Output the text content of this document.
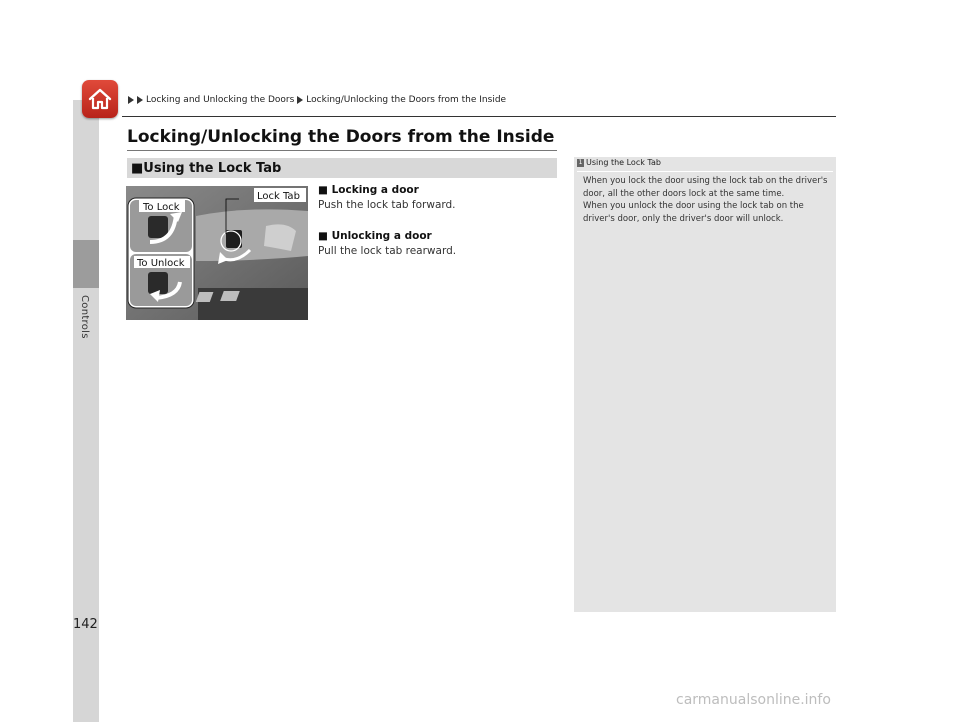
Controls
Locking and Unlocking the Doors Locking/Unlocking the Doors from the Inside
Locking/Unlocking the Doors from the Inside
■Using the Lock Tab
Lock Tab
To Lock
To Unlock
■ Locking a door
Push the lock tab forward.
■ Unlocking a door
Pull the lock tab rearward.
1 Using the Lock Tab
When you lock the door using the lock tab on the driver's door, all the other doors lock at the same time.
When you unlock the door using the lock tab on the driver's door, only the driver's door will unlock.
142
carmanualsonline.info
